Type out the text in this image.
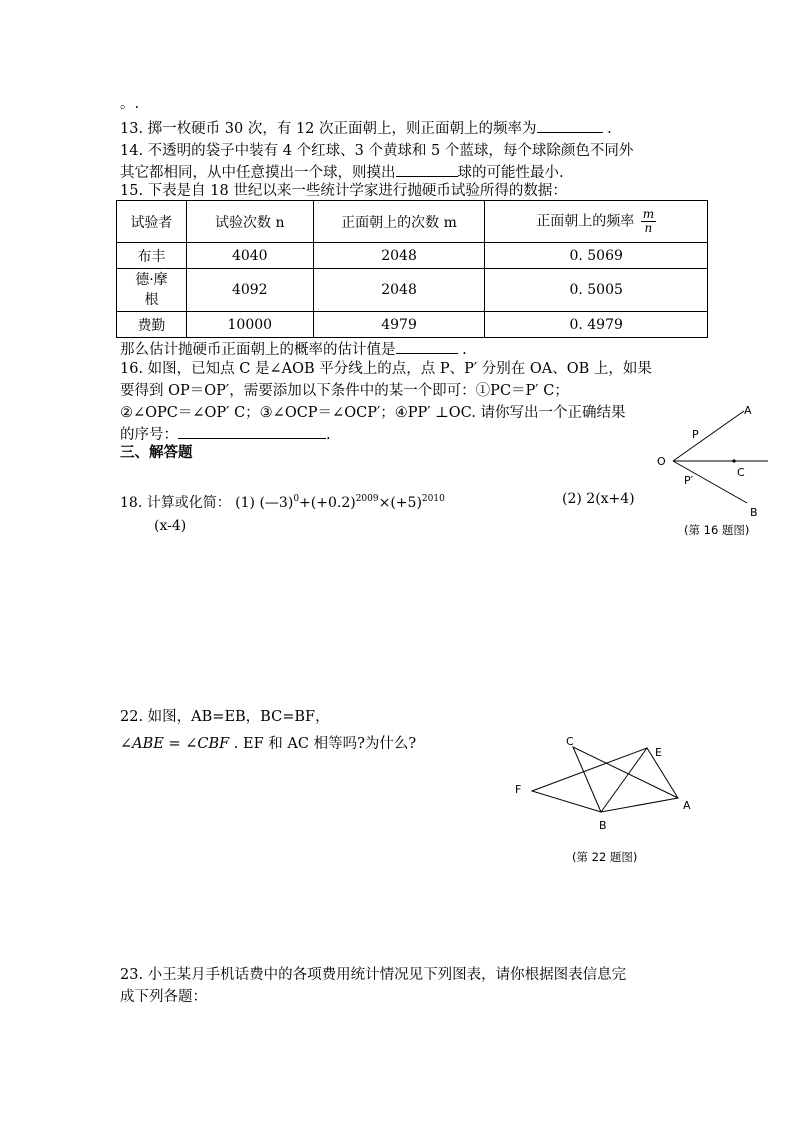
。.
13. 掷一枚硬币 30 次，有 12 次正面朝上，则正面朝上的频率为	.
14. 不透明的袋子中装有 4 个红球、3 个黄球和 5 个蓝球，每个球除颜色不同外
其它都相同，从中任意摸出一个球，则摸出	球的可能性最小.
15. 下表是自 18 世纪以来一些统计学家进行抛硬币试验所得的数据：
试验者	试验次数 n	正面朝上的次数 m	正面朝上的频率 $\frac{m}{n}$

布丰	4040	2048	0. 5069

德·摩
根	4092	2048	0. 5005
费勤	10000	4979	0. 4979
那么估计抛硬币正面朝上的概率的估计值是	.
16. 如图，已知点 C 是∠AOB 平分线上的点，点 P、P′ 分别在 OA、OB 上，如果
要得到 OP＝OP′，需要添加以下条件中的某一个即可：①PC＝P′ C；
②∠OPC＝∠OP′ C；③∠OCP＝∠OCP′；④PP′ ⊥OC. 请你写出一个正确结果
的序号：	.
三、解答题
A
P
O
C
P′
B
(第 16 题图)
18. 计算或化简： (1) $(—3)^0+(+0.2)^{2009}\times(+5)^{2010}$	(2) 2(x+4)
(x-4)
22. 如图，AB=EB，BC=BF，
∠ABE = ∠CBF . EF 和 AC 相等吗?为什么?	C
E
F
A
B
(第 22 题图)
23. 小王某月手机话费中的各项费用统计情况见下列图表，请你根据图表信息完
成下列各题：
